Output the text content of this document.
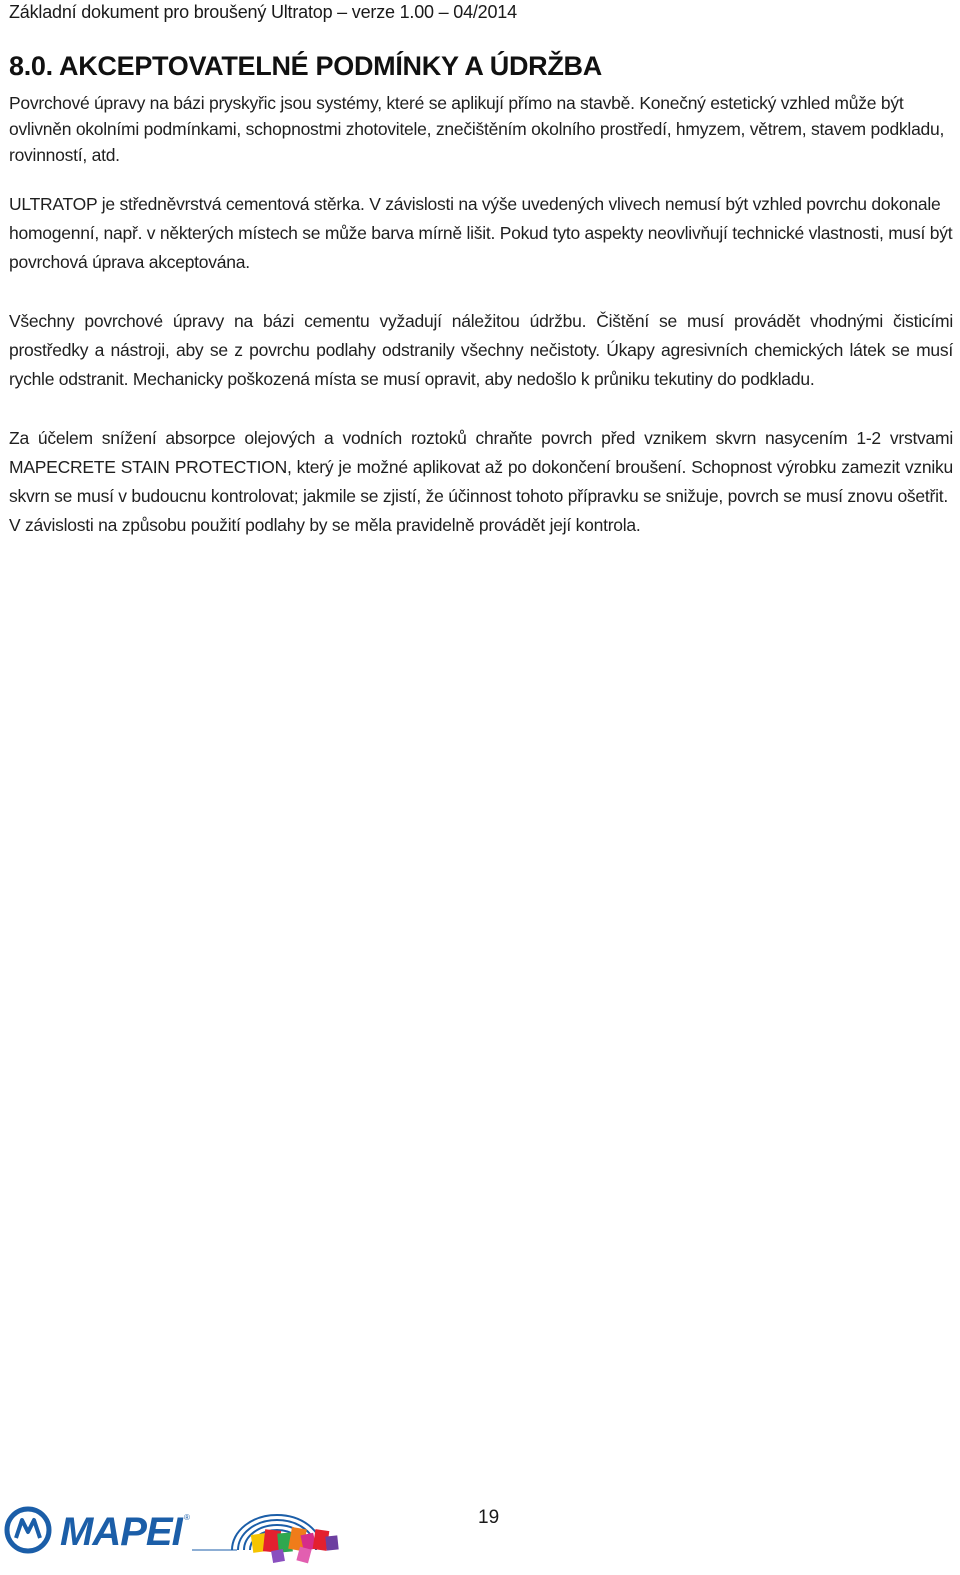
Základní dokument pro broušený Ultratop – verze 1.00 – 04/2014
8.0. AKCEPTOVATELNÉ PODMÍNKY A ÚDRŽBA

Povrchové úpravy na bázi pryskyřic jsou systémy, které se aplikují přímo na stavbě. Konečný estetický vzhled může být ovlivněn okolními podmínkami, schopnostmi zhotovitele, znečištěním okolního prostředí, hmyzem, větrem, stavem podkladu, rovinností, atd.

ULTRATOP je středněvrstvá cementová stěrka. V závislosti na výše uvedených vlivech nemusí být vzhled povrchu dokonale homogenní, např. v některých místech se může barva mírně lišit. Pokud tyto aspekty neovlivňují technické vlastnosti, musí být povrchová úprava akceptována.

Všechny povrchové úpravy na bázi cementu vyžadují náležitou údržbu. Čištění se musí provádět vhodnými čisticími prostředky a nástroji, aby se z povrchu podlahy odstranily všechny nečistoty. Úkapy agresivních chemických látek se musí rychle odstranit. Mechanicky poškozená místa se musí opravit, aby nedošlo k průniku tekutiny do podkladu.

Za účelem snížení absorpce olejových a vodních roztoků chraňte povrch před vznikem skvrn nasycením 1-2 vrstvami MAPECRETE STAIN PROTECTION, který je možné aplikovat až po dokončení broušení. Schopnost výrobku zamezit vzniku skvrn se musí v budoucnu kontrolovat; jakmile se zjistí, že účinnost tohoto přípravku se snižuje, povrch se musí znovu ošetřit.

V závislosti na způsobu použití podlahy by se měla pravidelně provádět její kontrola.

MAPEI ®	19
